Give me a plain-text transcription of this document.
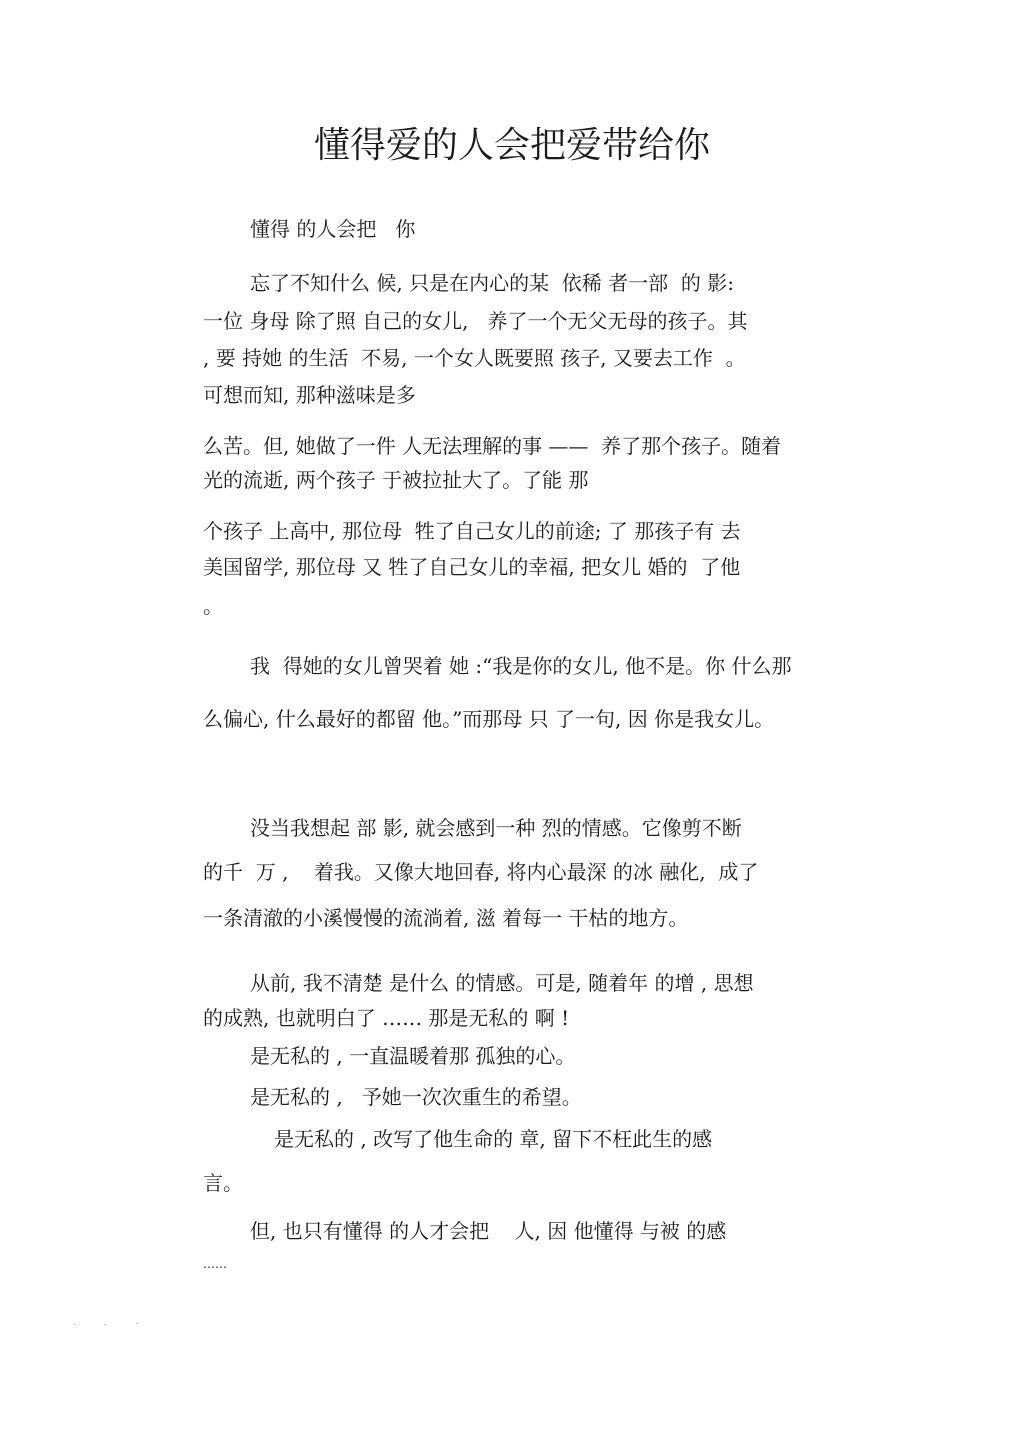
懂得爱的人会把爱带给你

懂得 的人会把   你

忘了不知什么 候, 只是在内心的某  依稀 者一部  的 影:

一位 身母 除了照 自己的女儿,   养了一个无父无母的孩子。其

, 要 持她 的生活  不易, 一个女人既要照 孩子, 又要去工作  。

可想而知, 那种滋味是多

么苦。但, 她做了一件 人无法理解的事 ——  养了那个孩子。随着

光的流逝, 两个孩子 于被拉扯大了。了能 那

个孩子 上高中, 那位母  牲了自己女儿的前途; 了 那孩子有 去

美国留学, 那位母 又 牲了自己女儿的幸福, 把女儿 婚的  了他

。

我  得她的女儿曾哭着 她 :“我是你的女儿, 他不是。你 什么那

么偏心, 什么最好的都留 他。”而那母 只 了一句, 因 你是我女儿。

没当我想起 部 影, 就会感到一种 烈的情感。它像剪不断

的千  万 ,    着我。又像大地回春, 将内心最深 的冰 融化,  成了

一条清澈的小溪慢慢的流淌着, 滋 着每一 干枯的地方。

从前, 我不清楚 是什么 的情感。可是, 随着年 的增 , 思想

的成熟, 也就明白了 …… 那是无私的 啊 !

是无私的 , 一直温暖着那 孤独的心。

是无私的 ,   予她一次次重生的希望。

是无私的 , 改写了他生命的 章, 留下不枉此生的感

言。

但, 也只有懂得 的人才会把    人, 因 他懂得 与被 的感

……
